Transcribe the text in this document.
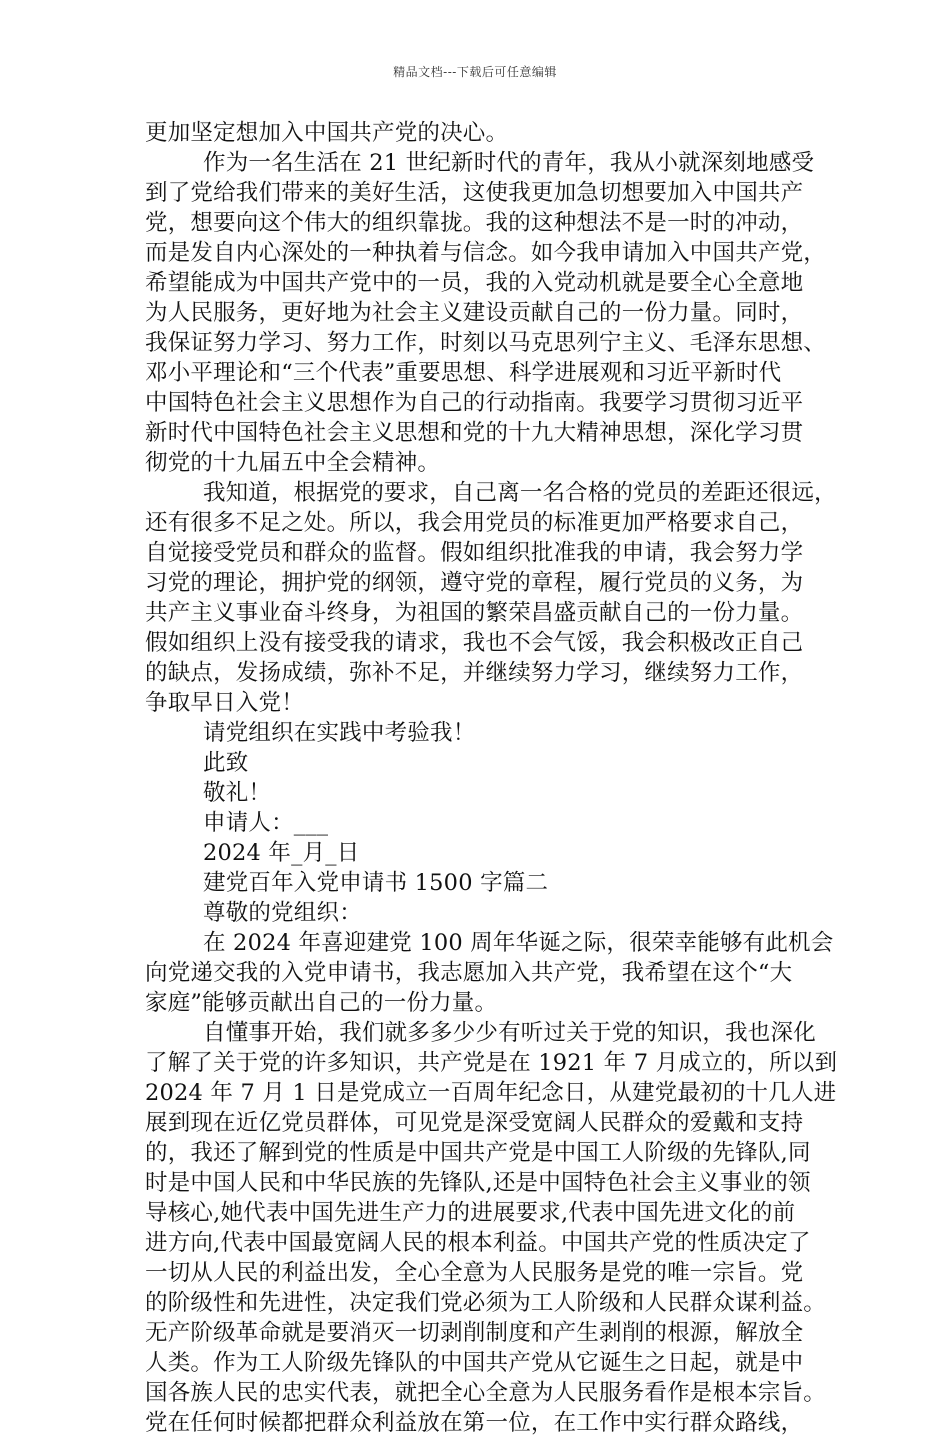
精品文档---下载后可任意编辑
更加坚定想加入中国共产党的决心。
作为一名生活在 21 世纪新时代的青年，我从小就深刻地感受
到了党给我们带来的美好生活，这使我更加急切想要加入中国共产
党，想要向这个伟大的组织靠拢。我的这种想法不是一时的冲动，
而是发自内心深处的一种执着与信念。如今我申请加入中国共产党，
希望能成为中国共产党中的一员，我的入党动机就是要全心全意地
为人民服务，更好地为社会主义建设贡献自己的一份力量。同时，
我保证努力学习、努力工作，时刻以马克思列宁主义、毛泽东思想、
邓小平理论和“三个代表”重要思想、科学进展观和习近平新时代
中国特色社会主义思想作为自己的行动指南。我要学习贯彻习近平
新时代中国特色社会主义思想和党的十九大精神思想，深化学习贯
彻党的十九届五中全会精神。
我知道，根据党的要求，自己离一名合格的党员的差距还很远，
还有很多不足之处。所以，我会用党员的标准更加严格要求自己，
自觉接受党员和群众的监督。假如组织批准我的申请，我会努力学
习党的理论，拥护党的纲领，遵守党的章程，履行党员的义务，为
共产主义事业奋斗终身，为祖国的繁荣昌盛贡献自己的一份力量。
假如组织上没有接受我的请求，我也不会气馁，我会积极改正自己
的缺点，发扬成绩，弥补不足，并继续努力学习，继续努力工作，
争取早日入党！
请党组织在实践中考验我！
此致
敬礼！
申请人：___
2024 年_月_日
建党百年入党申请书 1500 字篇二
尊敬的党组织：
在 2024 年喜迎建党 100 周年华诞之际，很荣幸能够有此机会
向党递交我的入党申请书，我志愿加入共产党，我希望在这个“大
家庭”能够贡献出自己的一份力量。
自懂事开始，我们就多多少少有听过关于党的知识，我也深化
了解了关于党的许多知识，共产党是在 1921 年 7 月成立的，所以到
2024 年 7 月 1 日是党成立一百周年纪念日，从建党最初的十几人进
展到现在近亿党员群体，可见党是深受宽阔人民群众的爱戴和支持
的，我还了解到党的性质是中国共产党是中国工人阶级的先锋队,同
时是中国人民和中华民族的先锋队,还是中国特色社会主义事业的领
导核心,她代表中国先进生产力的进展要求,代表中国先进文化的前
进方向,代表中国最宽阔人民的根本利益。中国共产党的性质决定了
一切从人民的利益出发，全心全意为人民服务是党的唯一宗旨。党
的阶级性和先进性，决定我们党必须为工人阶级和人民群众谋利益。
无产阶级革命就是要消灭一切剥削制度和产生剥削的根源，解放全
人类。作为工人阶级先锋队的中国共产党从它诞生之日起，就是中
国各族人民的忠实代表，就把全心全意为人民服务看作是根本宗旨。
党在任何时候都把群众利益放在第一位，在工作中实行群众路线，
